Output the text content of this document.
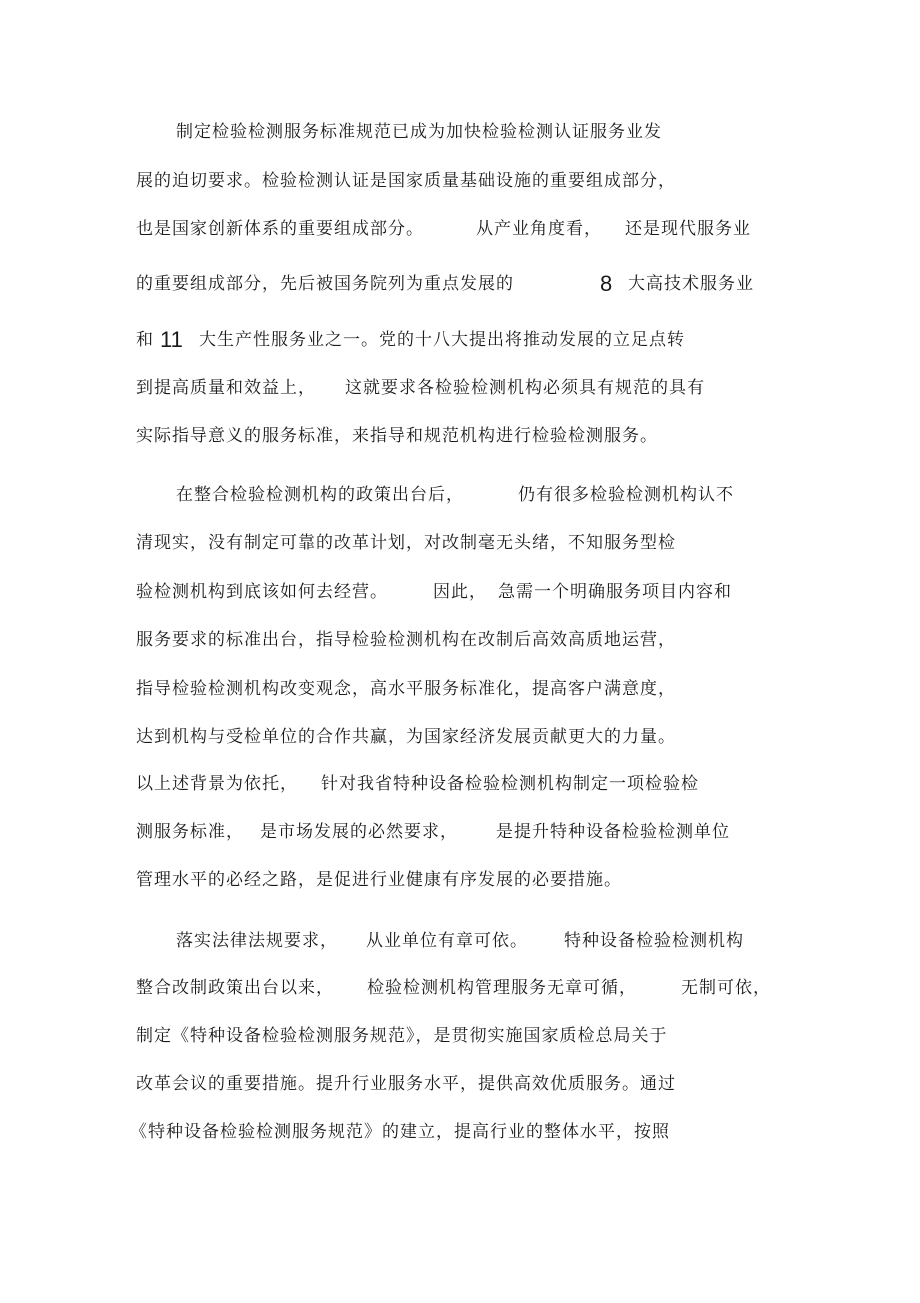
制定检验检测服务标准规范已成为加快检验检测认证服务业发

展的迫切要求。检验检测认证是国家质量基础设施的重要组成部分，

也是国家创新体系的重要组成部分。

	从产业角度看，

还是现代服务业

的重要组成部分，先后被国务院列为重点发展的

	8

大高技术服务业

和

11

大生产性服务业之一。党的十八大提出将推动发展的立足点转

到提高质量和效益上，

这就要求各检验检测机构必须具有规范的具有

实际指导意义的服务标准，来指导和规范机构进行检验检测服务。

在整合检验检测机构的政策出台后，

	仍有很多检验检测机构认不

清现实，没有制定可靠的改革计划，对改制毫无头绪，不知服务型检

验检测机构到底该如何去经营。

	因此，

急需一个明确服务项目内容和

服务要求的标准出台，指导检验检测机构在改制后高效高质地运营，

指导检验检测机构改变观念，高水平服务标准化，提高客户满意度，

达到机构与受检单位的合作共赢，为国家经济发展贡献更大的力量。

以上述背景为依托，

针对我省特种设备检验检测机构制定一项检验检

测服务标准，

是市场发展的必然要求，

是提升特种设备检验检测单位

管理水平的必经之路，是促进行业健康有序发展的必要措施。

落实法律法规要求，

从业单位有章可依。

特种设备检验检测机构

整合改制政策出台以来，

检验检测机构管理服务无章可循，

	无制可依，

制定《特种设备检验检测服务规范》，是贯彻实施国家质检总局关于

改革会议的重要措施。提升行业服务水平，提供高效优质服务。通过

《特种设备检验检测服务规范》的建立，提高行业的整体水平，按照
